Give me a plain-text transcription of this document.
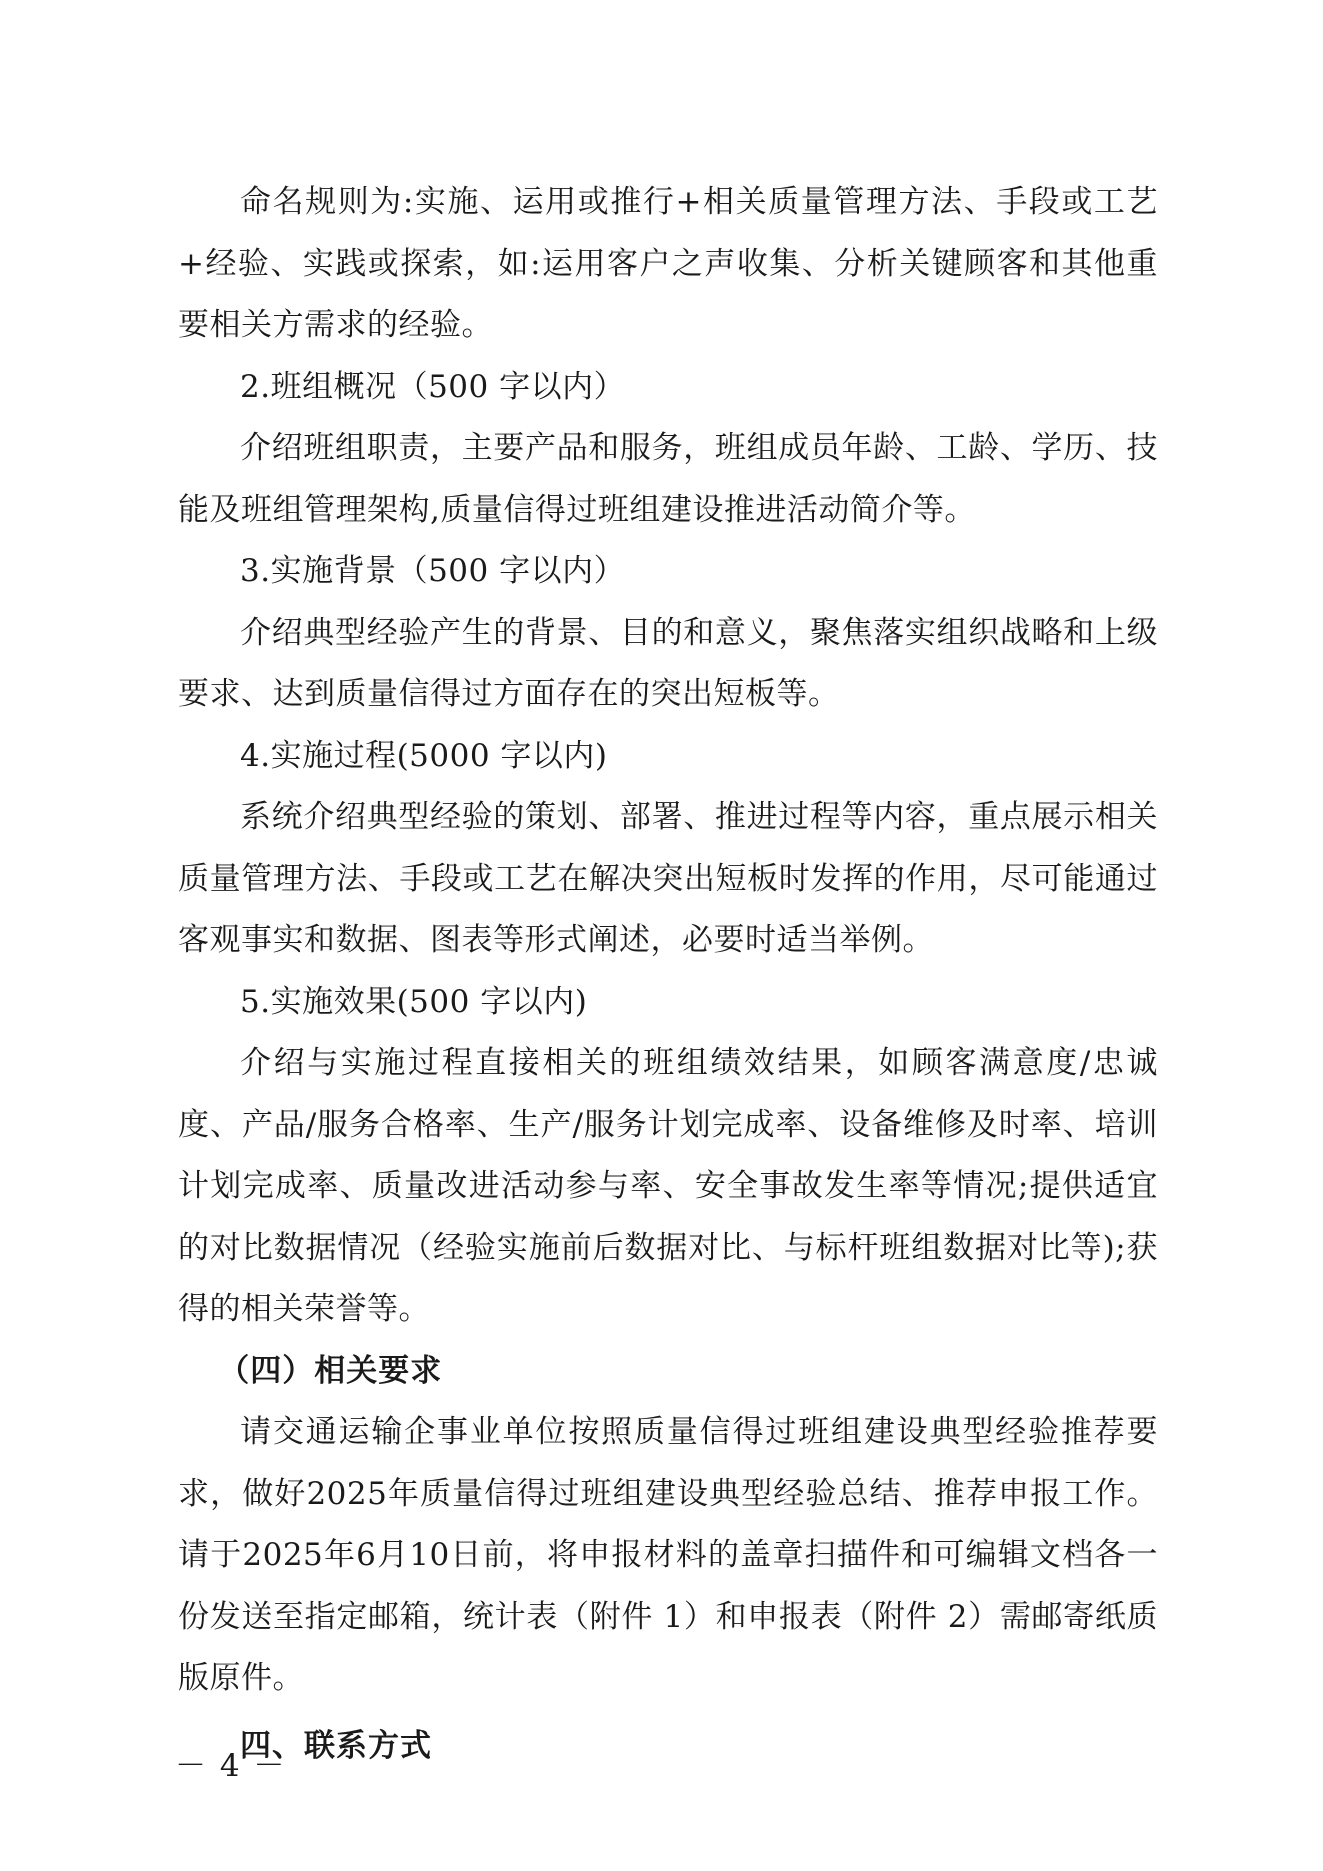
命名规则为:实施、运用或推行+相关质量管理方法、手段或工艺+经验、实践或探索，如:运用客户之声收集、分析关键顾客和其他重要相关方需求的经验。

2.班组概况（500 字以内）

介绍班组职责，主要产品和服务，班组成员年龄、工龄、学历、技能及班组管理架构,质量信得过班组建设推进活动简介等。

3.实施背景（500 字以内）

介绍典型经验产生的背景、目的和意义，聚焦落实组织战略和上级要求、达到质量信得过方面存在的突出短板等。

4.实施过程(5000 字以内)

系统介绍典型经验的策划、部署、推进过程等内容，重点展示相关质量管理方法、手段或工艺在解决突出短板时发挥的作用，尽可能通过客观事实和数据、图表等形式阐述，必要时适当举例。

5.实施效果(500 字以内)

介绍与实施过程直接相关的班组绩效结果，如顾客满意度/忠诚度、产品/服务合格率、生产/服务计划完成率、设备维修及时率、培训计划完成率、质量改进活动参与率、安全事故发生率等情况;提供适宜的对比数据情况（经验实施前后数据对比、与标杆班组数据对比等);获得的相关荣誉等。

（四）相关要求

请交通运输企事业单位按照质量信得过班组建设典型经验推荐要求，做好2025年质量信得过班组建设典型经验总结、推荐申报工作。请于2025年6月10日前，将申报材料的盖章扫描件和可编辑文档各一份发送至指定邮箱，统计表（附件 1）和申报表（附件 2）需邮寄纸质版原件。

四、联系方式

－ 4 －
